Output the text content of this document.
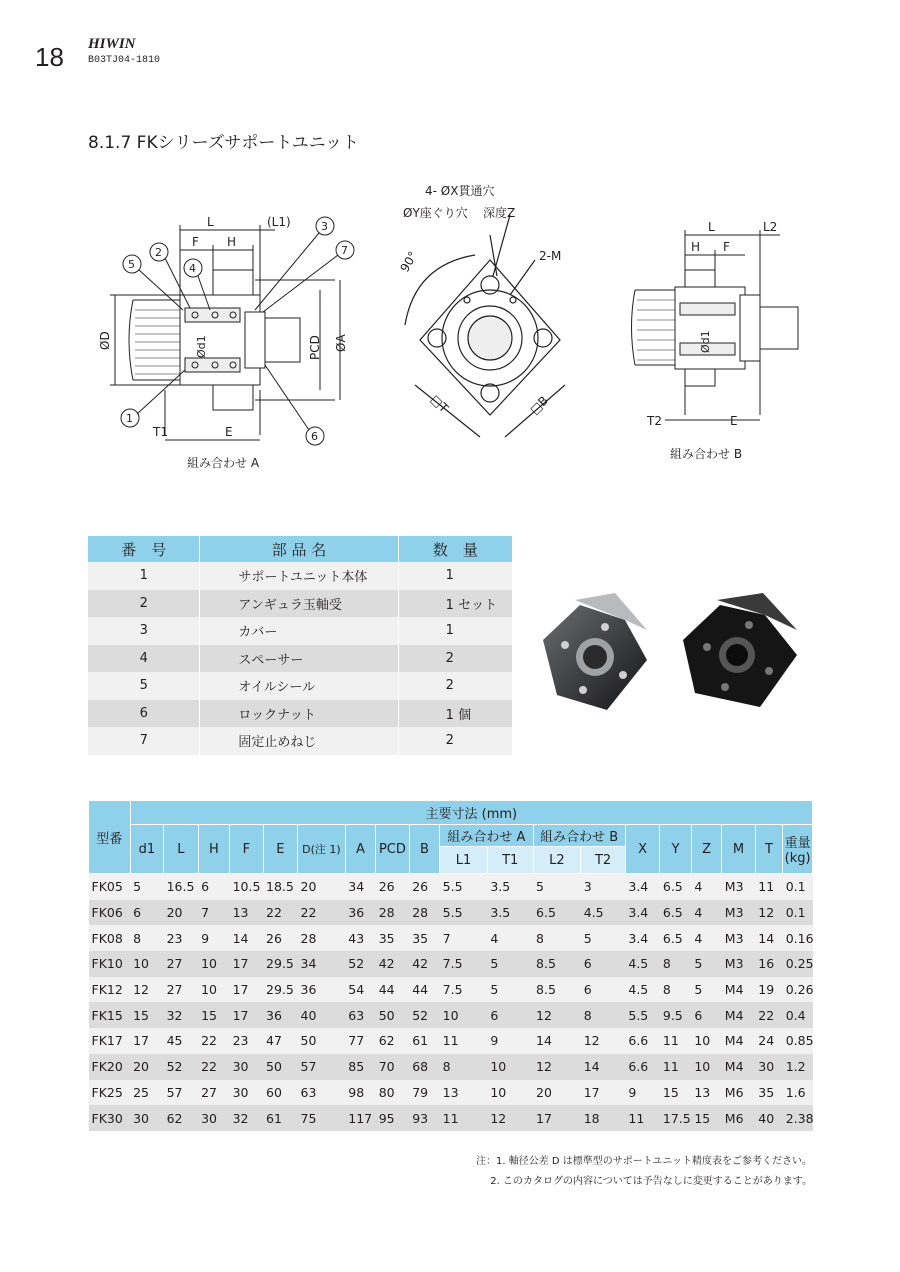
18 HIWIN
B03TJ04-1810
8.1.7 FKシリーズサポートユニット
L	(L1)
F H
ØD	Ød1	PCD ØA
T1	E
5
2
4
3
7
1
6
組み合わせ A
4- ØX貫通穴
ØY座ぐり穴 深度Z
2-M
90°
□T	□B
L	L2
H F
Ød1
T2	E
組み合わせ B
番　号	部 品 名	数　量
1	サポートユニット本体	1
2	アンギュラ玉軸受	1 セット
3	カバー	1
4	スペーサー	2
5	オイルシール	2
6	ロックナット	1 個
7	固定止めねじ	2
型番	主要寸法 (mm)																		
	d1	L	H	F	E	D(注 1)	A	PCD	B	組み合わせ A		組み合わせ B		X	Y	Z	M	T	重量
(kg)
										L1	T1	L2	T2						
FK05	5	16.5	6	10.5	18.5	20	34	26	26	5.5	3.5	5	3	3.4	6.5	4	M3	11	0.1
FK06	6	20	7	13	22	22	36	28	28	5.5	3.5	6.5	4.5	3.4	6.5	4	M3	12	0.1
FK08	8	23	9	14	26	28	43	35	35	7	4	8	5	3.4	6.5	4	M3	14	0.16
FK10	10	27	10	17	29.5	34	52	42	42	7.5	5	8.5	6	4.5	8	5	M3	16	0.25
FK12	12	27	10	17	29.5	36	54	44	44	7.5	5	8.5	6	4.5	8	5	M4	19	0.26
FK15	15	32	15	17	36	40	63	50	52	10	6	12	8	5.5	9.5	6	M4	22	0.4
FK17	17	45	22	23	47	50	77	62	61	11	9	14	12	6.6	11	10	M4	24	0.85
FK20	20	52	22	30	50	57	85	70	68	8	10	12	14	6.6	11	10	M4	30	1.2
FK25	25	57	27	30	60	63	98	80	79	13	10	20	17	9	15	13	M6	35	1.6
FK30	30	62	30	32	61	75	117	95	93	11	12	17	18	11	17.5	15	M6	40	2.38
注：1. 軸径公差 D は標準型のサポートユニット精度表をご参考ください。
2. このカタログの内容については予告なしに変更することがあります。
